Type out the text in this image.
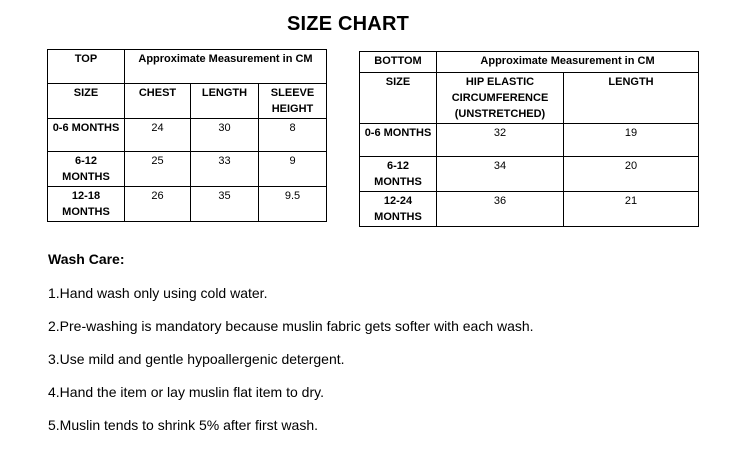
SIZE CHART
TOP	Approximate Measurement in CM		
SIZE	CHEST	LENGTH	SLEEVE HEIGHT
0-6 MONTHS	24	30	8
6-12 MONTHS	25	33	9
12-18 MONTHS	26	35	9.5
BOTTOM	Approximate Measurement in CM	
SIZE	HIP ELASTIC CIRCUMFERENCE (UNSTRETCHED)	LENGTH
0-6 MONTHS	32	19
6-12 MONTHS	34	20
12-24 MONTHS	36	21
Wash Care:
1.Hand wash only using cold water.
2.Pre-washing is mandatory because muslin fabric gets softer with each wash.
3.Use mild and gentle hypoallergenic detergent.
4.Hand the item or lay muslin flat item to dry.
5.Muslin tends to shrink 5% after first wash.
